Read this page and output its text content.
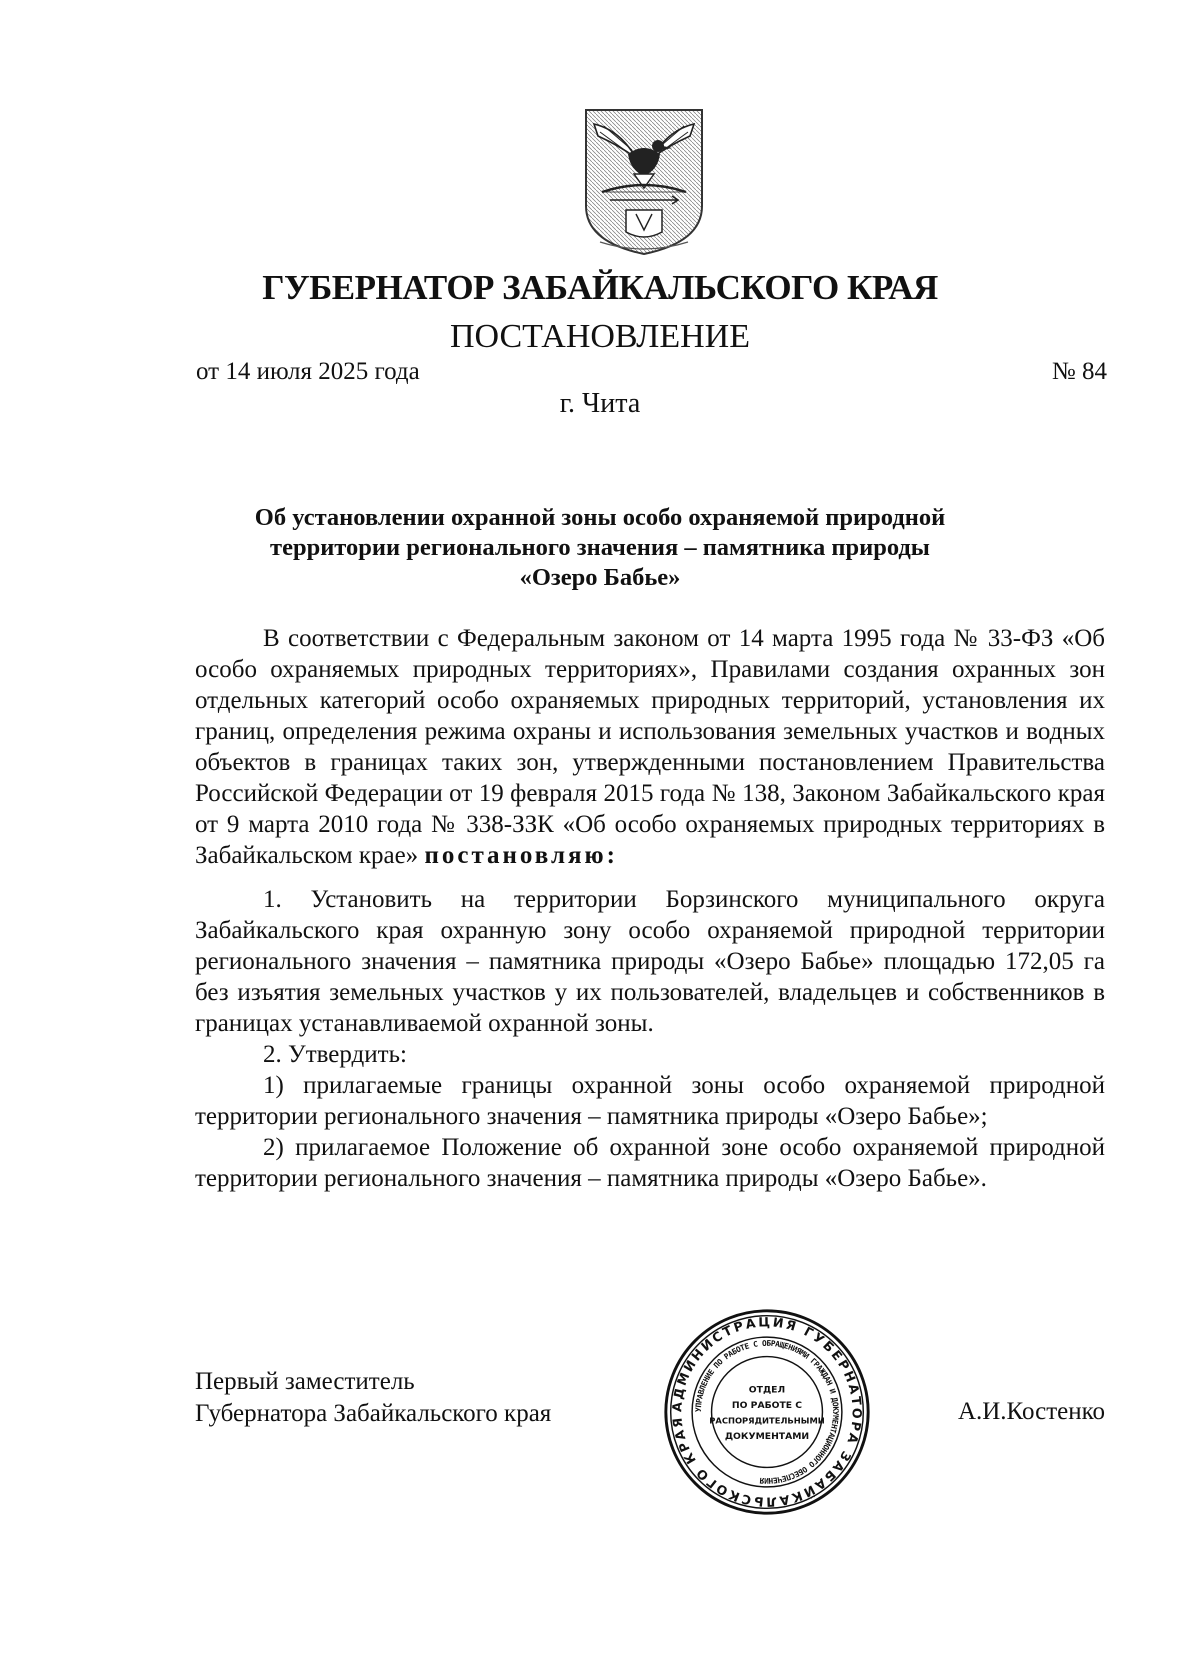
ГУБЕРНАТОР ЗАБАЙКАЛЬСКОГО КРАЯ
ПОСТАНОВЛЕНИЕ
от 14 июля 2025 года	№ 84
г. Чита
Об установлении охранной зоны особо охраняемой природной
территории регионального значения – памятника природы
«Озеро Бабье»

В соответствии с Федеральным законом от 14 марта 1995 года № 33-ФЗ «Об особо охраняемых природных территориях», Правилами создания охранных зон отдельных категорий особо охраняемых природных территорий, установления их границ, определения режима охраны и использования земельных участков и водных объектов в границах таких зон, утвержденными постановлением Правительства Российской Федерации от 19 февраля 2015 года № 138, Законом Забайкальского края от 9 марта 2010 года № 338-ЗЗК «Об особо охраняемых природных территориях в Забайкальском крае» постановляю:

1. Установить на территории Борзинского муниципального округа Забайкальского края охранную зону особо охраняемой природной территории регионального значения – памятника природы «Озеро Бабье» площадью 172,05 га без изъятия земельных участков у их пользователей, владельцев и собственников в границах устанавливаемой охранной зоны.

2. Утвердить:

1) прилагаемые границы охранной зоны особо охраняемой природной территории регионального значения – памятника природы «Озеро Бабье»;

2) прилагаемое Положение об охранной зоне особо охраняемой природной территории регионального значения – памятника природы «Озеро Бабье».

Первый заместитель
Губернатора Забайкальского края	А.И.Костенко
АДМИНИСТРАЦИЯ ГУБЕРНАТОРА ЗАБАЙКАЛЬСКОГО КРАЯ
УПРАВЛЕНИЕ ПО РАБОТЕ С ОБРАЩЕНИЯМИ ГРАЖДАН И ДОКУМЕНТАЦИОННОГО ОБЕСПЕЧЕНИЯ
ОТДЕЛ
ПО РАБОТЕ С
РАСПОРЯДИТЕЛЬНЫМИ
ДОКУМЕНТАМИ
